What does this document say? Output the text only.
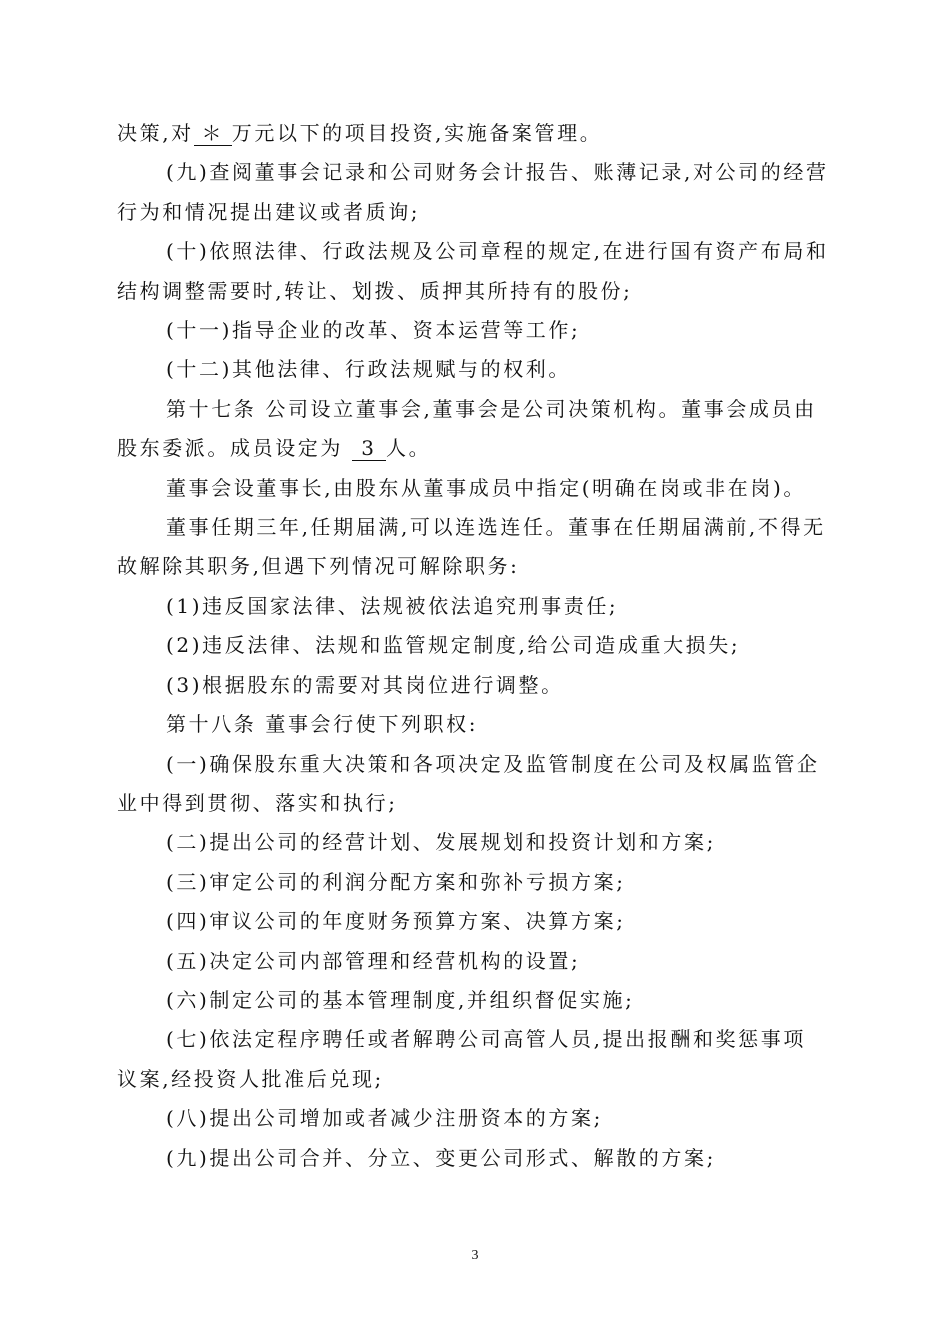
决策,对 ＊ 万元以下的项目投资,实施备案管理。
(九)查阅董事会记录和公司财务会计报告、账薄记录,对公司的经营
行为和情况提出建议或者质询;
(十)依照法律、行政法规及公司章程的规定,在进行国有资产布局和
结构调整需要时,转让、划拨、质押其所持有的股份;
(十一)指导企业的改革、资本运营等工作;
(十二)其他法律、行政法规赋与的权利。
第十七条 公司设立董事会,董事会是公司决策机构。董事会成员由
股东委派。成员设定为 3 人。
董事会设董事长,由股东从董事成员中指定(明确在岗或非在岗)。
董事任期三年,任期届满,可以连选连任。董事在任期届满前,不得无
故解除其职务,但遇下列情况可解除职务:
(1)违反国家法律、法规被依法追究刑事责任;
(2)违反法律、法规和监管规定制度,给公司造成重大损失;
(3)根据股东的需要对其岗位进行调整。
第十八条 董事会行使下列职权:
(一)确保股东重大决策和各项决定及监管制度在公司及权属监管企
业中得到贯彻、落实和执行;
(二)提出公司的经营计划、发展规划和投资计划和方案;
(三)审定公司的利润分配方案和弥补亏损方案;
(四)审议公司的年度财务预算方案、决算方案;
(五)决定公司内部管理和经营机构的设置;
(六)制定公司的基本管理制度,并组织督促实施;
(七)依法定程序聘任或者解聘公司高管人员,提出报酬和奖惩事项
议案,经投资人批准后兑现;
(八)提出公司增加或者减少注册资本的方案;
(九)提出公司合并、分立、变更公司形式、解散的方案;
3
